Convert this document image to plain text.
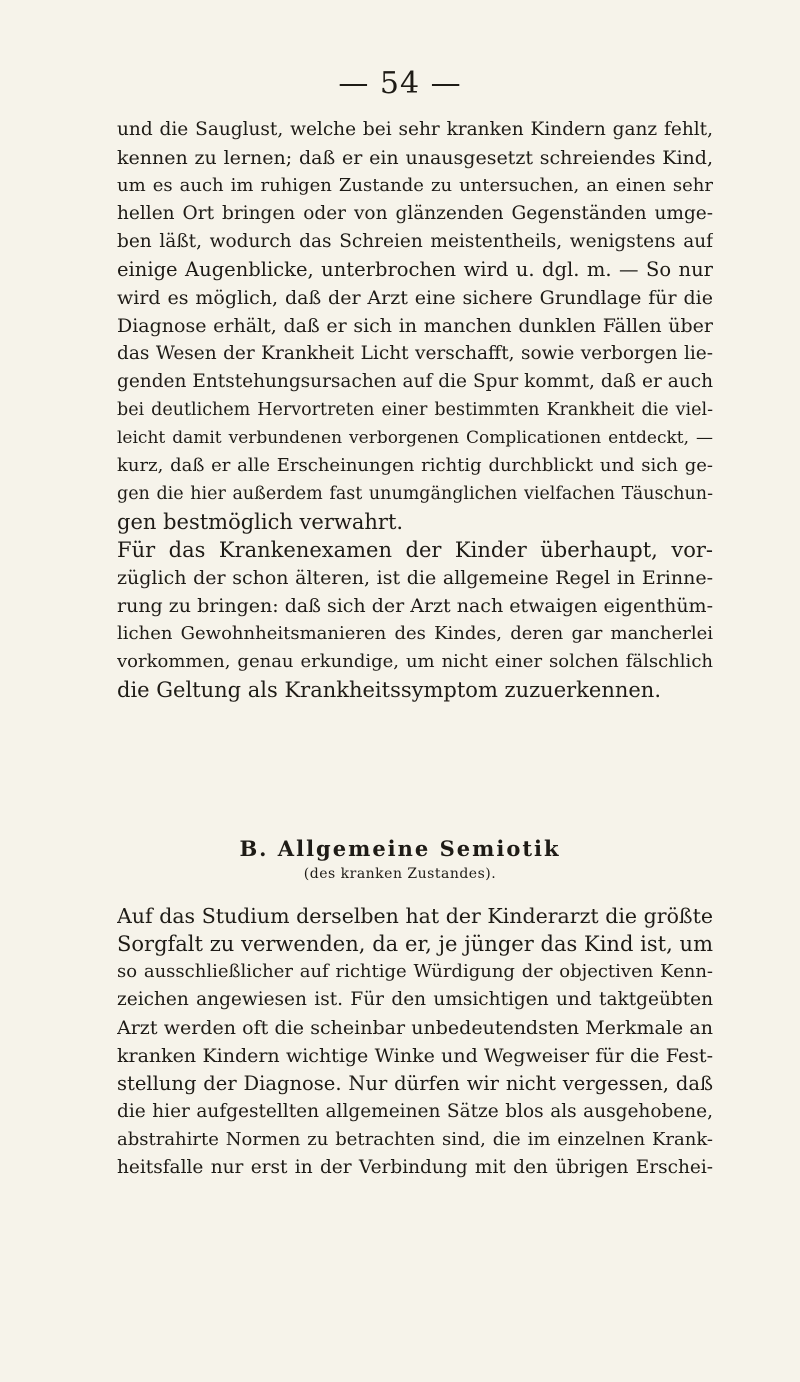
— 54 —
und die Sauglust, welche bei sehr kranken Kindern ganz fehlt,
kennen zu lernen; daß er ein unausgesetzt schreiendes Kind,
um es auch im ruhigen Zustande zu untersuchen, an einen sehr
hellen Ort bringen oder von glänzenden Gegenständen umge-
ben läßt, wodurch das Schreien meistentheils, wenigstens auf
einige Augenblicke, unterbrochen wird u. dgl. m. — So nur
wird es möglich, daß der Arzt eine sichere Grundlage für die
Diagnose erhält, daß er sich in manchen dunklen Fällen über
das Wesen der Krankheit Licht verschafft, sowie verborgen lie-
genden Entstehungsursachen auf die Spur kommt, daß er auch
bei deutlichem Hervortreten einer bestimmten Krankheit die viel-
leicht damit verbundenen verborgenen Complicationen entdeckt, —
kurz, daß er alle Erscheinungen richtig durchblickt und sich ge-
gen die hier außerdem fast unumgänglichen vielfachen Täuschun-
gen bestmöglich verwahrt.
Für das Krankenexamen der Kinder überhaupt, vor-
züglich der schon älteren, ist die allgemeine Regel in Erinne-
rung zu bringen: daß sich der Arzt nach etwaigen eigenthüm-
lichen Gewohnheitsmanieren des Kindes, deren gar mancherlei
vorkommen, genau erkundige, um nicht einer solchen fälschlich
die Geltung als Krankheitssymptom zuzuerkennen.
B. Allgemeine Semiotik
(des kranken Zustandes).
Auf das Studium derselben hat der Kinderarzt die größte
Sorgfalt zu verwenden, da er, je jünger das Kind ist, um
so ausschließlicher auf richtige Würdigung der objectiven Kenn-
zeichen angewiesen ist. Für den umsichtigen und taktgeübten
Arzt werden oft die scheinbar unbedeutendsten Merkmale an
kranken Kindern wichtige Winke und Wegweiser für die Fest-
stellung der Diagnose. Nur dürfen wir nicht vergessen, daß
die hier aufgestellten allgemeinen Sätze blos als ausgehobene,
abstrahirte Normen zu betrachten sind, die im einzelnen Krank-
heitsfalle nur erst in der Verbindung mit den übrigen Erschei-
